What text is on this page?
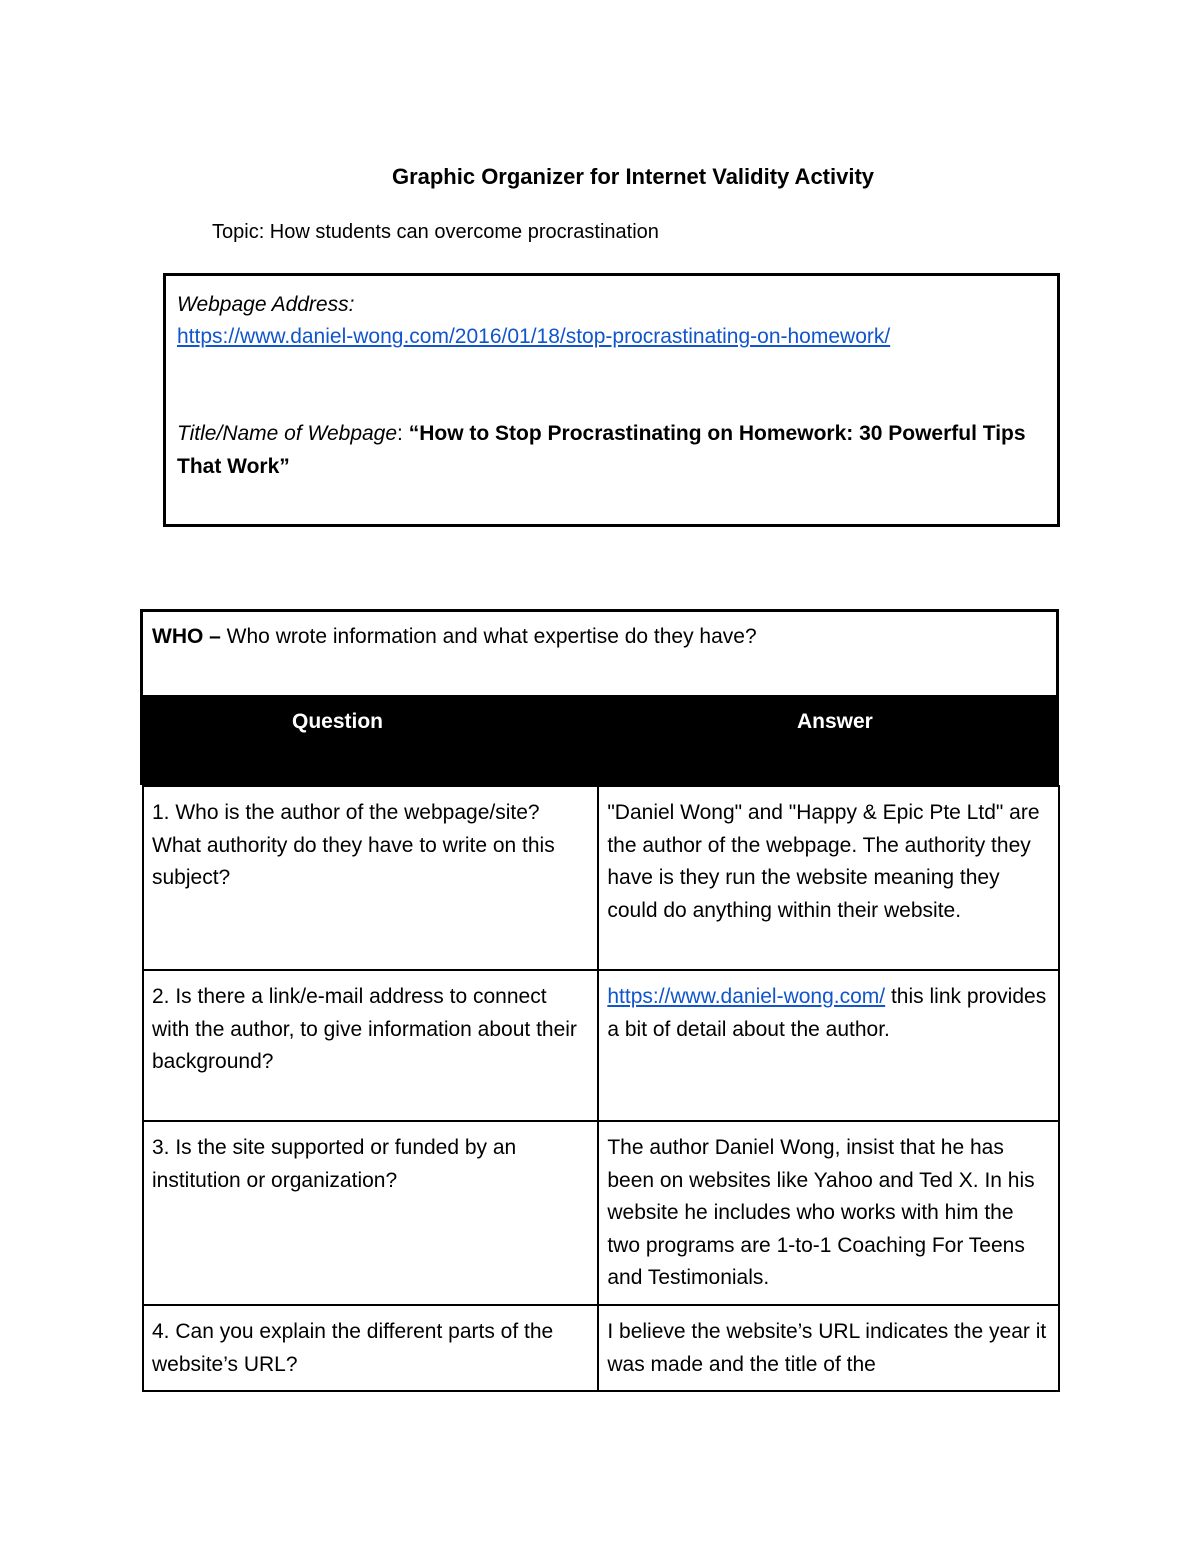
Graphic Organizer for Internet Validity Activity
Topic: How students can overcome procrastination
Webpage Address:
https://www.daniel-wong.com/2016/01/18/stop-procrastinating-on-homework/
Title/Name of Webpage: “How to Stop Procrastinating on Homework: 30 Powerful Tips That Work”
WHO – Who wrote information and what expertise do they have?
Question	Answer
1. Who is the author of the webpage/site? What authority do they have to write on this subject?	"Daniel Wong" and "Happy & Epic Pte Ltd" are the author of the webpage. The authority they have is they run the website meaning they could do anything within their website.
2. Is there a link/e-mail address to connect with the author, to give information about their background?	https://www.daniel-wong.com/ this link provides a bit of detail about the author.
3. Is the site supported or funded by an institution or organization?	The author Daniel Wong, insist that he has been on websites like Yahoo and Ted X. In his website he includes who works with him the two programs are 1-to-1 Coaching For Teens and Testimonials.
4. Can you explain the different parts of the website’s URL?	I believe the website’s URL indicates the year it was made and the title of the
